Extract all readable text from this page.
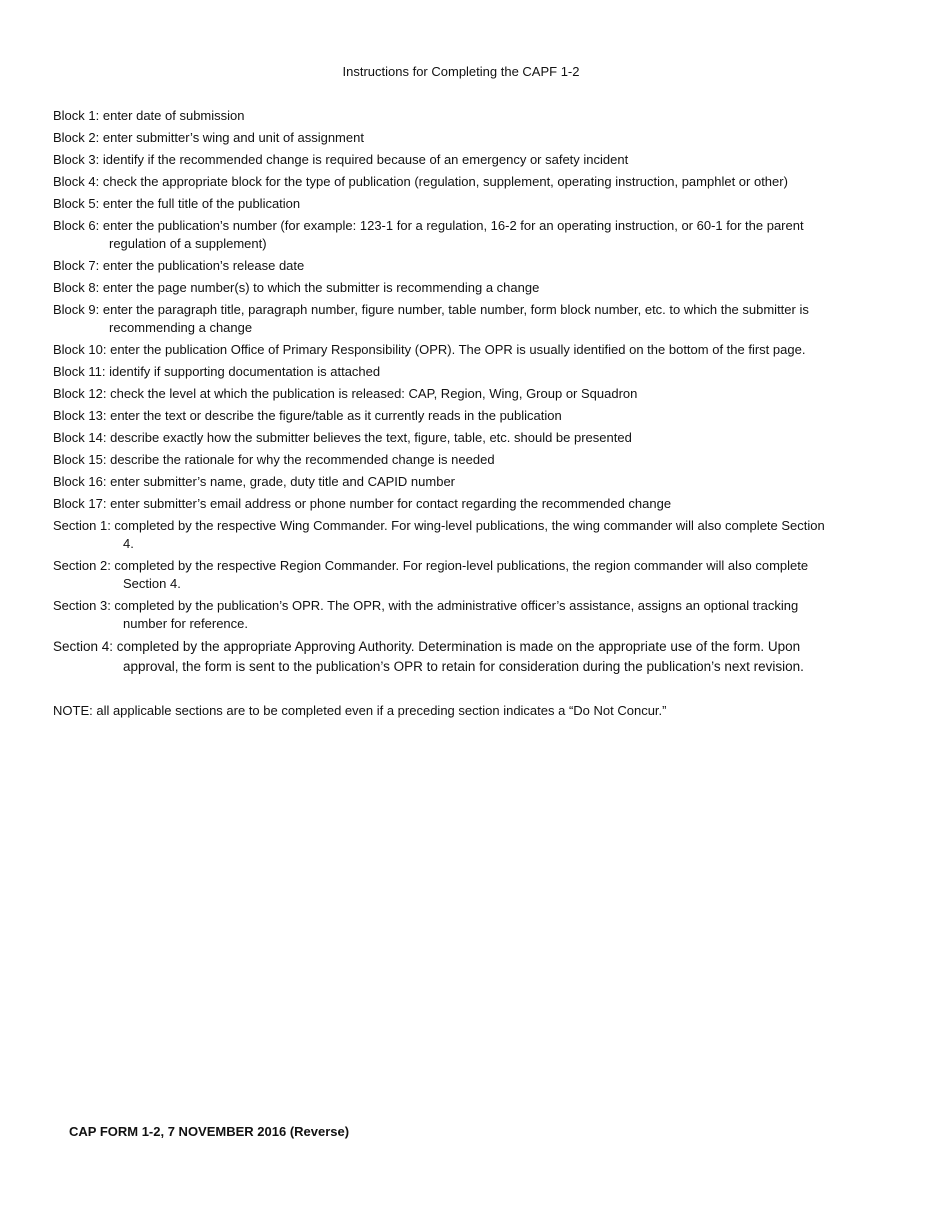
Instructions for Completing the CAPF 1-2
Block 1: enter date of submission
Block 2: enter submitter’s wing and unit of assignment
Block 3: identify if the recommended change is required because of an emergency or safety incident
Block 4: check the appropriate block for the type of publication (regulation, supplement, operating instruction, pamphlet or other)
Block 5: enter the full title of the publication
Block 6: enter the publication’s number (for example: 123-1 for a regulation, 16-2 for an operating instruction, or 60-1 for the parent
regulation of a supplement)
Block 7: enter the publication’s release date
Block 8: enter the page number(s) to which the submitter is recommending a change
Block 9: enter the paragraph title, paragraph number, figure number, table number, form block number, etc. to which the submitter is
recommending a change
Block 10: enter the publication Office of Primary Responsibility (OPR). The OPR is usually identified on the bottom of the first page.
Block 11: identify if supporting documentation is attached
Block 12: check the level at which the publication is released: CAP, Region, Wing, Group or Squadron
Block 13: enter the text or describe the figure/table as it currently reads in the publication
Block 14: describe exactly how the submitter believes the text, figure, table, etc. should be presented
Block 15: describe the rationale for why the recommended change is needed
Block 16: enter submitter’s name, grade, duty title and CAPID number
Block 17: enter submitter’s email address or phone number for contact regarding the recommended change
Section 1: completed by the respective Wing Commander. For wing-level publications, the wing commander will also complete Section
4.
Section 2: completed by the respective Region Commander. For region-level publications, the region commander will also complete
Section 4.
Section 3: completed by the publication’s OPR. The OPR, with the administrative officer’s assistance, assigns an optional tracking
number for reference.
Section 4: completed by the appropriate Approving Authority. Determination is made on the appropriate use of the form. Upon
approval, the form is sent to the publication’s OPR to retain for consideration during the publication’s next revision.
NOTE: all applicable sections are to be completed even if a preceding section indicates a “Do Not Concur.”
CAP FORM 1-2, 7 NOVEMBER 2016 (Reverse)
